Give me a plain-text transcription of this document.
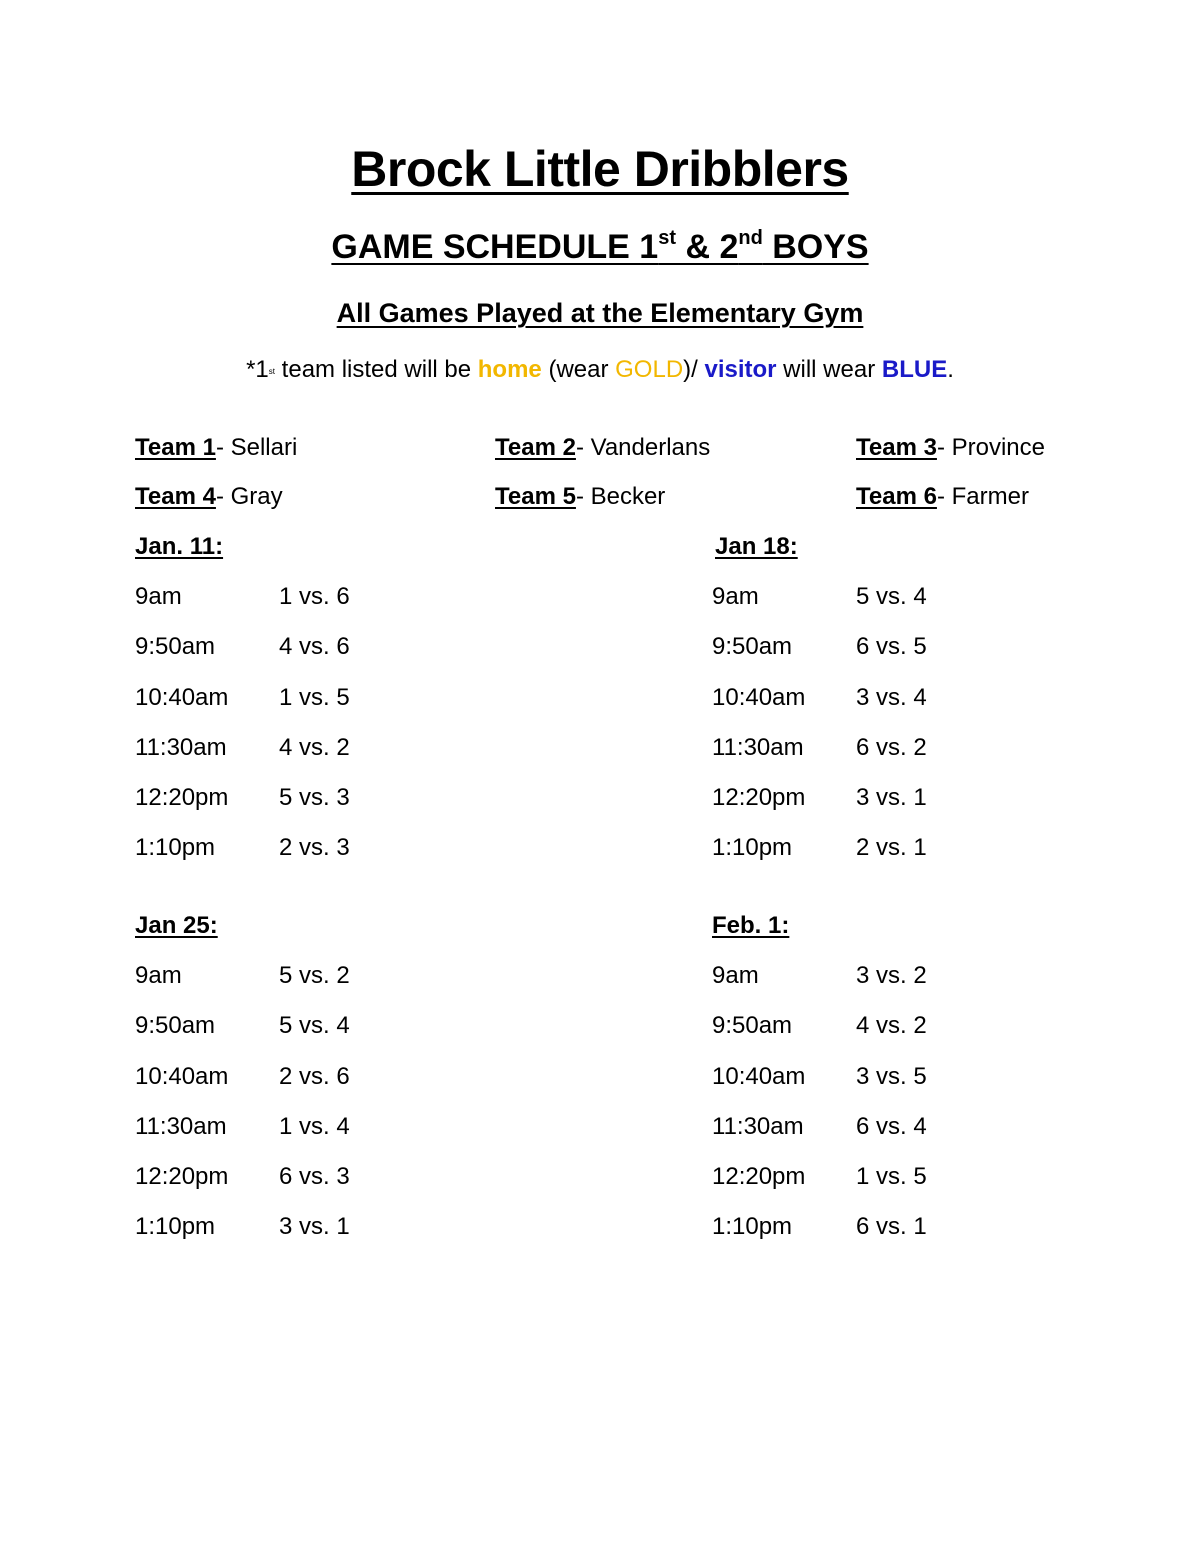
Brock Little Dribblers
GAME SCHEDULE 1st & 2nd BOYS
All Games Played at the Elementary Gym
*1st team listed will be home (wear GOLD)/ visitor will wear BLUE.
Team 1- Sellari	Team 2- Vanderlans	Team 3- Province
Team 4- Gray	Team 5- Becker	Team 6- Farmer
Jan. 11:
9am	1 vs. 6
9:50am	4 vs. 6
10:40am 1 vs. 5
11:30am 4 vs. 2
12:20pm 5 vs. 3
1:10pm	2 vs. 3
Jan 18:
9am	5 vs. 4
9:50am	6 vs. 5
10:40am 3 vs. 4
11:30am 6 vs. 2
12:20pm 3 vs. 1
1:10pm	2 vs. 1
Jan 25:
9am	5 vs. 2
9:50am	5 vs. 4
10:40am 2 vs. 6
11:30am 1 vs. 4
12:20pm 6 vs. 3
1:10pm	3 vs. 1
Feb. 1:
9am	3 vs. 2
9:50am	4 vs. 2
10:40am 3 vs. 5
11:30am 6 vs. 4
12:20pm 1 vs. 5
1:10pm	6 vs. 1
